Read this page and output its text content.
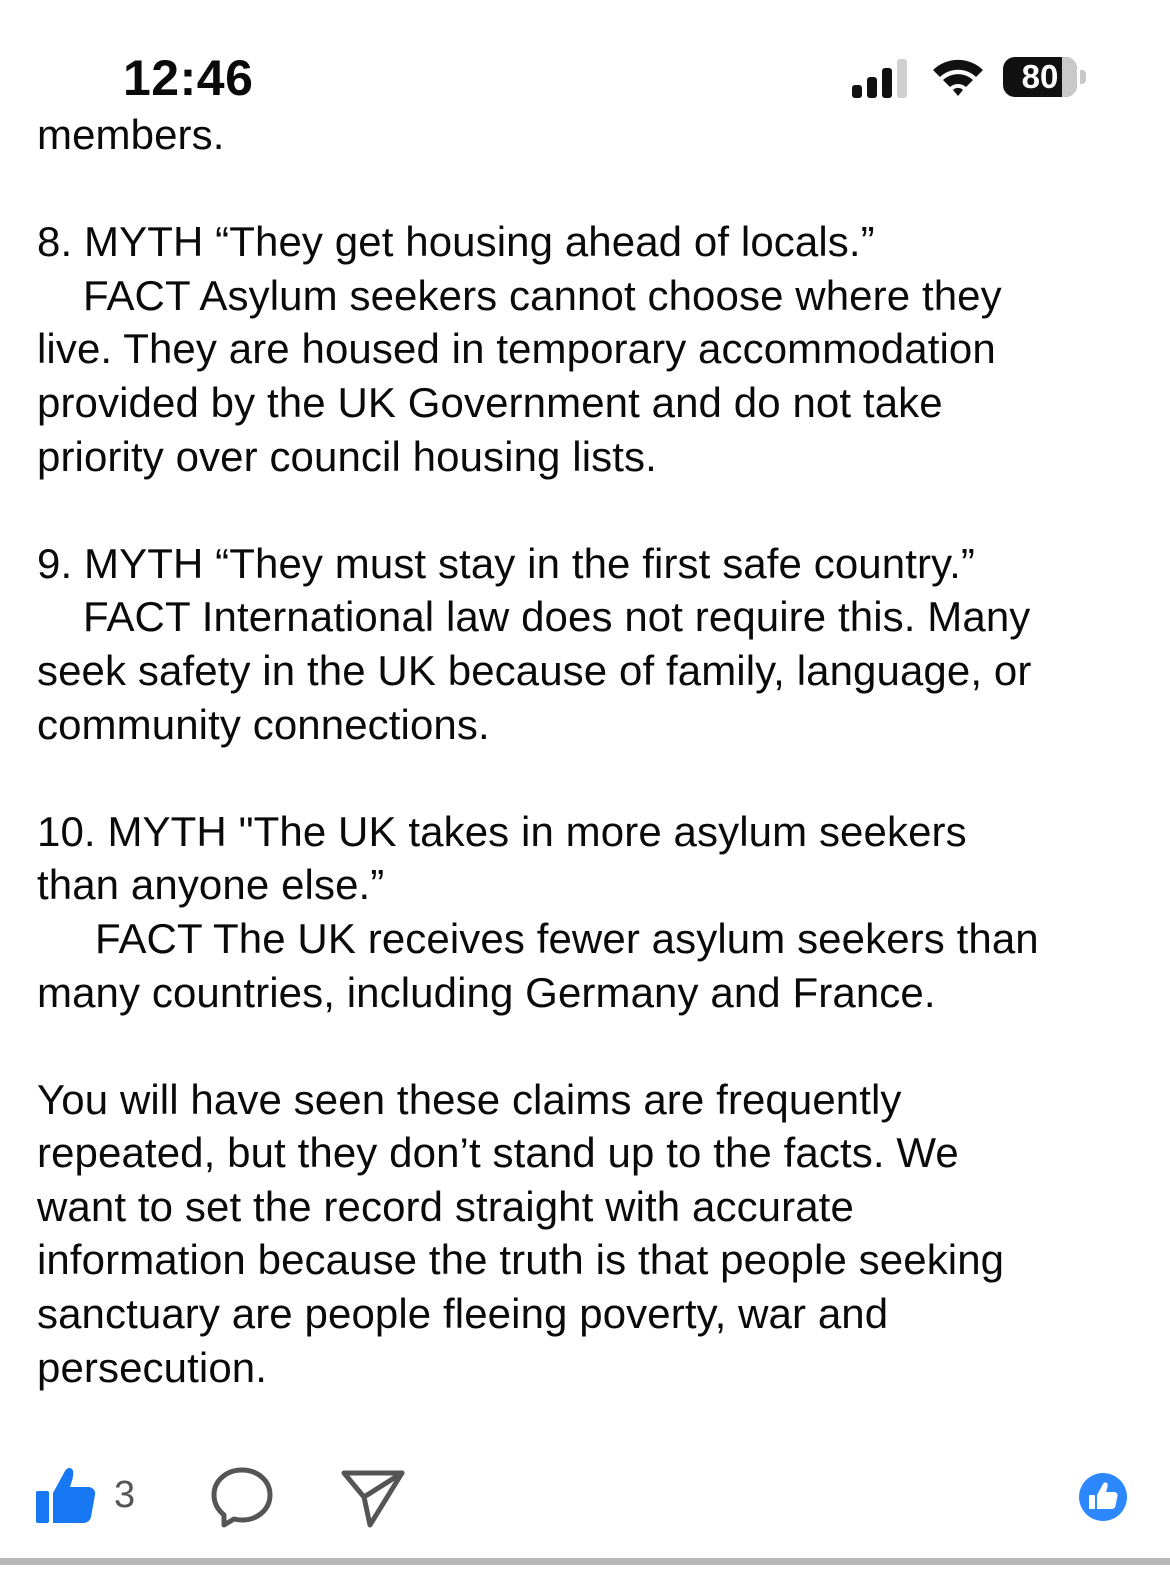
12:46	80
members.
8. MYTH “They get housing ahead of locals.”
FACT Asylum seekers cannot choose where they
live. They are housed in temporary accommodation
provided by the UK Government and do not take
priority over council housing lists.
9. MYTH “They must stay in the first safe country.”
FACT International law does not require this. Many
seek safety in the UK because of family, language, or
community connections.
10. MYTH "The UK takes in more asylum seekers
than anyone else.”
FACT The UK receives fewer asylum seekers than
many countries, including Germany and France.
You will have seen these claims are frequently
repeated, but they don’t stand up to the facts. We
want to set the record straight with accurate
information because the truth is that people seeking
sanctuary are people fleeing poverty, war and
persecution.
3
